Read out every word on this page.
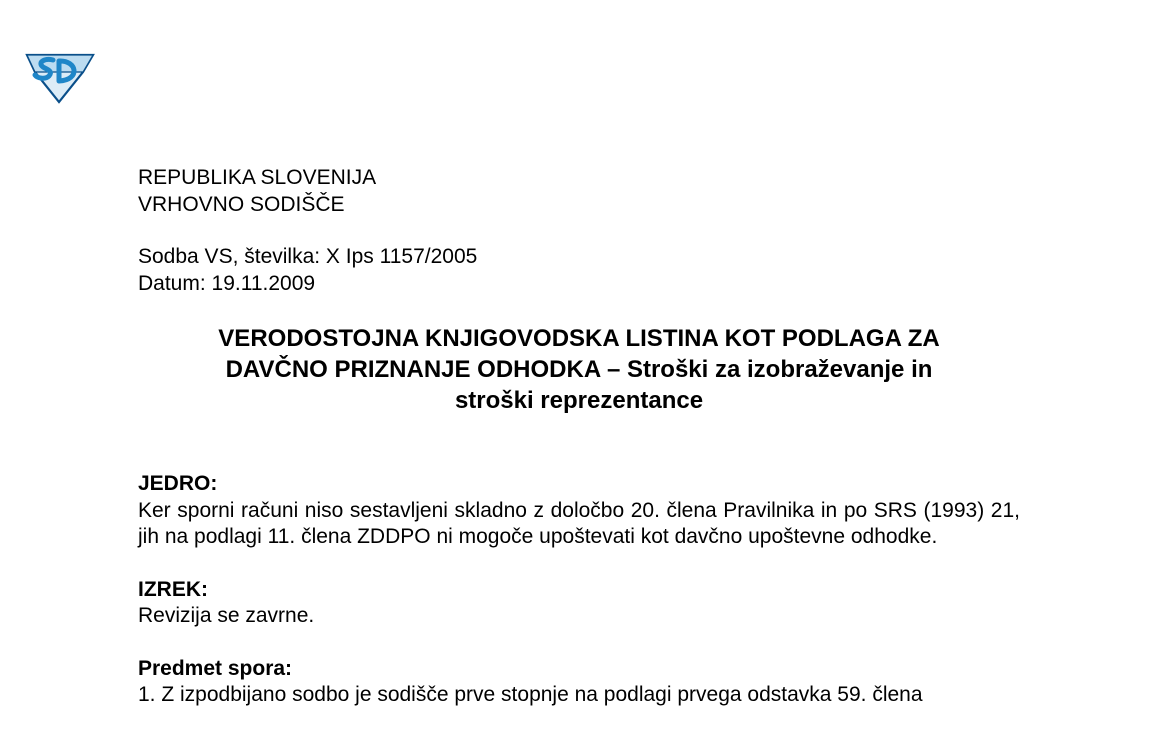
REPUBLIKA SLOVENIJA

VRHOVNO SODIŠČE

Sodba VS, številka: X Ips 1157/2005

Datum: 19.11.2009

VERODOSTOJNA KNJIGOVODSKA LISTINA KOT PODLAGA ZA
DAVČNO PRIZNANJE ODHODKA – Stroški za izobraževanje in
stroški reprezentance

JEDRO:

Ker sporni računi niso sestavljeni skladno z določbo 20. člena Pravilnika in po SRS (1993) 21, jih na podlagi 11. člena ZDDPO ni mogoče upoštevati kot davčno upoštevne odhodke.

IZREK:

Revizija se zavrne.

Predmet spora:

1. Z izpodbijano sodbo je sodišče prve stopnje na podlagi prvega odstavka 59. člena
